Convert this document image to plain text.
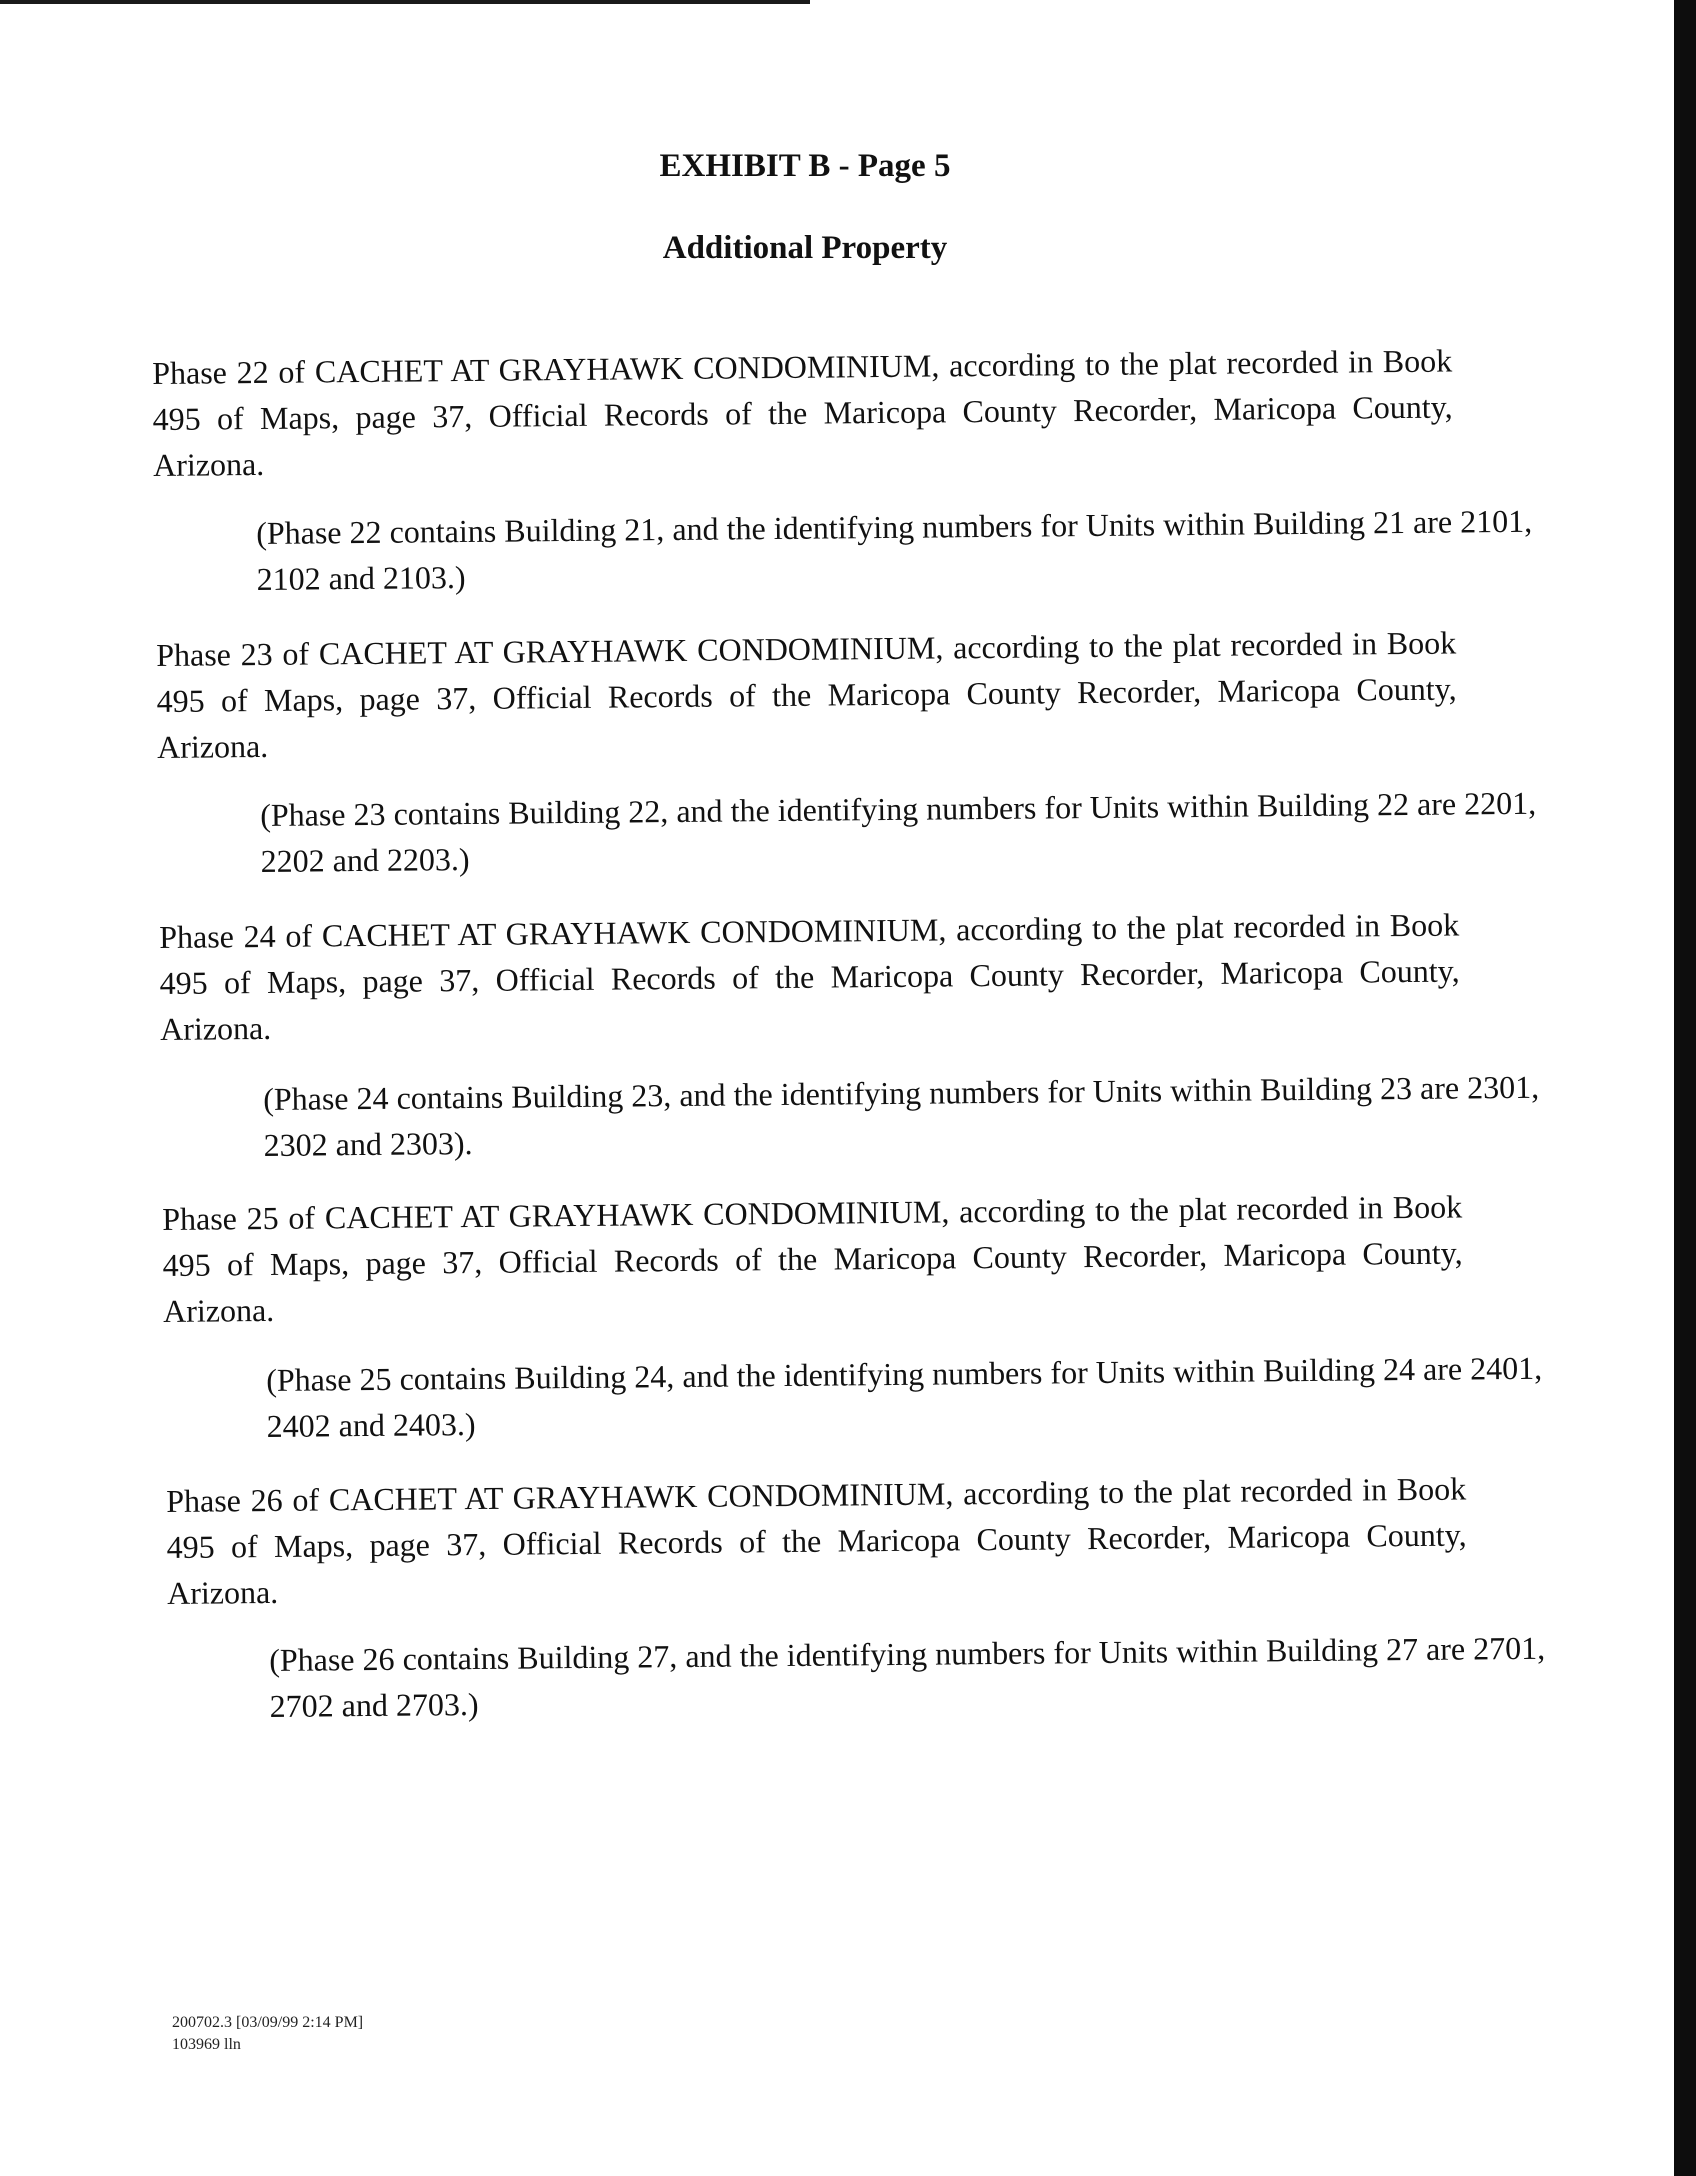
EXHIBIT B - Page 5
Additional Property
Phase 22 of CACHET AT GRAYHAWK CONDOMINIUM, according to the plat recorded in Book 495 of Maps, page 37, Official Records of the Maricopa County Recorder, Maricopa County, Arizona.
(Phase 22 contains Building 21, and the identifying numbers for Units within Building 21 are 2101, 2102 and 2103.)
Phase 23 of CACHET AT GRAYHAWK CONDOMINIUM, according to the plat recorded in Book 495 of Maps, page 37, Official Records of the Maricopa County Recorder, Maricopa County, Arizona.
(Phase 23 contains Building 22, and the identifying numbers for Units within Building 22 are 2201, 2202 and 2203.)
Phase 24 of CACHET AT GRAYHAWK CONDOMINIUM, according to the plat recorded in Book 495 of Maps, page 37, Official Records of the Maricopa County Recorder, Maricopa County, Arizona.
(Phase 24 contains Building 23, and the identifying numbers for Units within Building 23 are 2301, 2302 and 2303).
Phase 25 of CACHET AT GRAYHAWK CONDOMINIUM, according to the plat recorded in Book 495 of Maps, page 37, Official Records of the Maricopa County Recorder, Maricopa County, Arizona.
(Phase 25 contains Building 24, and the identifying numbers for Units within Building 24 are 2401, 2402 and 2403.)
Phase 26 of CACHET AT GRAYHAWK CONDOMINIUM, according to the plat recorded in Book 495 of Maps, page 37, Official Records of the Maricopa County Recorder, Maricopa County, Arizona.
(Phase 26 contains Building 27, and the identifying numbers for Units within Building 27 are 2701, 2702 and 2703.)
200702.3 [03/09/99 2:14 PM]
103969 lln
